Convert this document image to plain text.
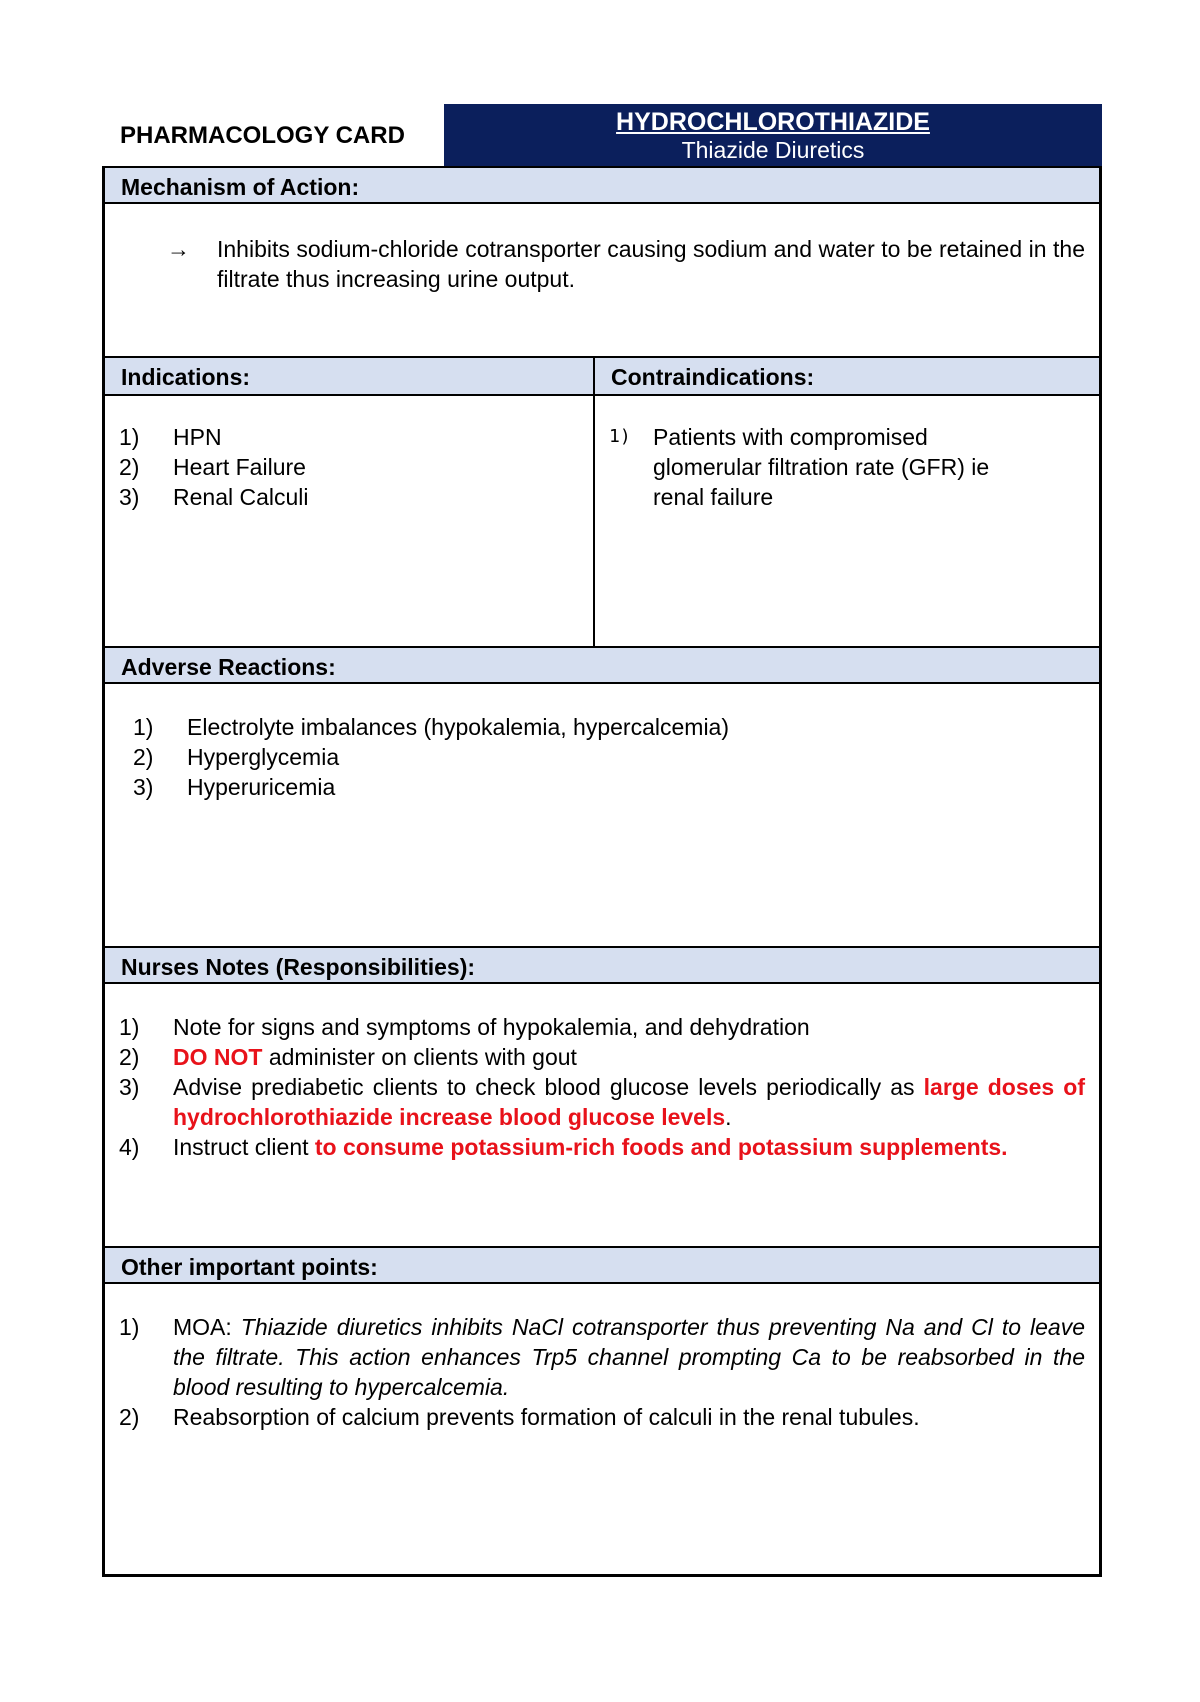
PHARMACOLOGY CARD	HYDROCHLOROTHIAZIDE
Thiazide Diuretics
Mechanism of Action:
→ Inhibits sodium-chloride cotransporter causing sodium and water to be retained in the filtrate thus increasing urine output.
Indications:
1) HPN
2) Heart Failure
3) Renal Calculi
Contraindications:
1) Patients with compromised glomerular filtration rate (GFR) ie renal failure
Adverse Reactions:
1) Electrolyte imbalances (hypokalemia, hypercalcemia)
2) Hyperglycemia
3) Hyperuricemia
Nurses Notes (Responsibilities):
1) Note for signs and symptoms of hypokalemia, and dehydration
2) DO NOT administer on clients with gout
3) Advise prediabetic clients to check blood glucose levels periodically as large doses of hydrochlorothiazide increase blood glucose levels.
4) Instruct client to consume potassium-rich foods and potassium supplements.
Other important points:
1) MOA: Thiazide diuretics inhibits NaCl cotransporter thus preventing Na and Cl to leave the filtrate. This action enhances Trp5 channel prompting Ca to be reabsorbed in the blood resulting to hypercalcemia.
2) Reabsorption of calcium prevents formation of calculi in the renal tubules.
